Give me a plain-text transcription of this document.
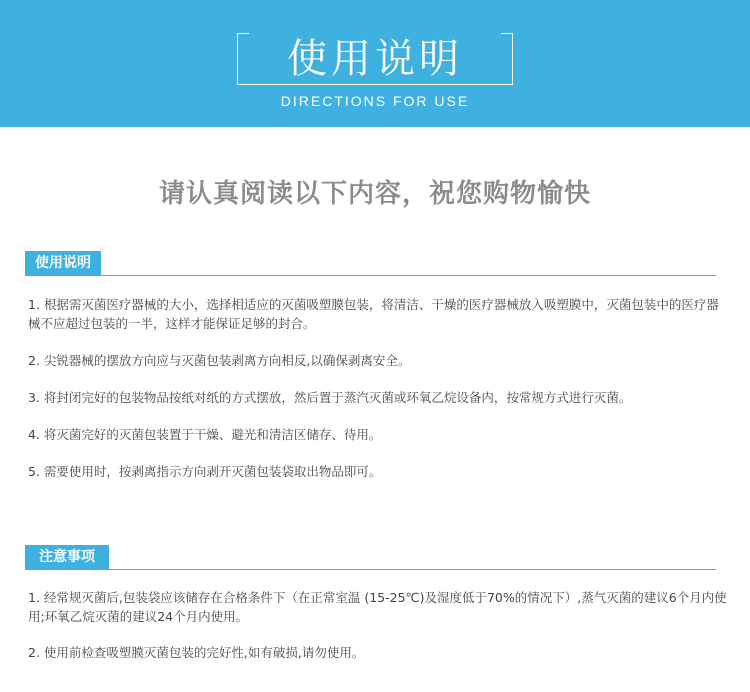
使用说明
DIRECTIONS FOR USE
请认真阅读以下内容，祝您购物愉快
使用说明
1. 根据需灭菌医疗器械的大小，选择相适应的灭菌吸塑膜包装，将清洁、干燥的医疗器械放入吸塑膜中，灭菌包装中的医疗器械不应超过包装的一半，这样才能保证足够的封合。
2. 尖锐器械的摆放方向应与灭菌包装剥离方向相反,以确保剥离安全。
3. 将封闭完好的包装物品按纸对纸的方式摆放，然后置于蒸汽灭菌或环氧乙烷设备内，按常规方式进行灭菌。
4. 将灭菌完好的灭菌包装置于干燥、避光和清洁区储存、待用。
5. 需要使用时，按剥离指示方向剥开灭菌包装袋取出物品即可。
注意事项
1. 经常规灭菌后,包装袋应该储存在合格条件下（在正常室温 (15-25℃)及湿度低于70%的情况下）,蒸气灭菌的建议6个月内使用;环氧乙烷灭菌的建议24个月内使用。
2. 使用前检查吸塑膜灭菌包装的完好性,如有破损,请勿使用。
